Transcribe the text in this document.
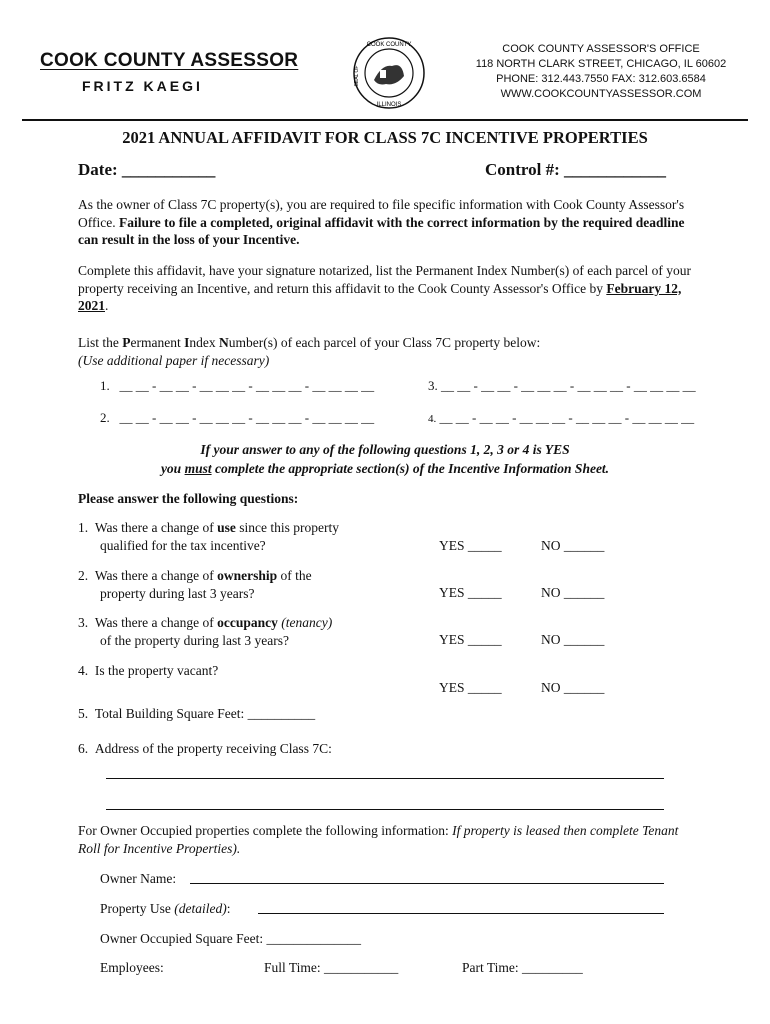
COOK COUNTY ASSESSOR
FRITZ KAEGI
COOK COUNTY
SEAL OF
ILLINOIS
COOK COUNTY ASSESSOR'S OFFICE
118 NORTH CLARK STREET, CHICAGO, IL 60602
PHONE: 312.443.7550 FAX: 312.603.6584
WWW.COOKCOUNTYASSESSOR.COM
2021 ANNUAL AFFIDAVIT FOR CLASS 7C INCENTIVE PROPERTIES
Date: ___________	Control #: ____________
As the owner of Class 7C property(s), you are required to file specific information with Cook County Assessor's Office. Failure to file a completed, original affidavit with the correct information by the required deadline can result in the loss of your Incentive.
Complete this affidavit, have your signature notarized, list the Permanent Index Number(s) of each parcel of your property receiving an Incentive, and return this affidavit to the Cook County Assessor's Office by February 12, 2021.
List the Permanent Index Number(s) of each parcel of your Class 7C property below:
(Use additional paper if necessary)
1. __ __ - __ __ - __ __ __ - __ __ __ - __ __ __ __	3. __ __ - __ __ - __ __ __ - __ __ __ - __ __ __ __
2. __ __ - __ __ - __ __ __ - __ __ __ - __ __ __ __	4. __ __ - __ __ - __ __ __ - __ __ __ - __ __ __ __
If your answer to any of the following questions 1, 2, 3 or 4 is YES
you must complete the appropriate section(s) of the Incentive Information Sheet.
Please answer the following questions:
1. Was there a change of use since this property
qualified for the tax incentive?	YES _____	NO ______
2. Was there a change of ownership of the
property during last 3 years?	YES _____	NO ______
3. Was there a change of occupancy (tenancy)
of the property during last 3 years?	YES _____	NO ______
4. Is the property vacant?
YES _____	NO ______
5. Total Building Square Feet: __________
6. Address of the property receiving Class 7C:
For Owner Occupied properties complete the following information: If property is leased then complete Tenant Roll for Incentive Properties).
Owner Name:
Property Use (detailed):
Owner Occupied Square Feet: ______________
Employees:	Full Time: ___________	Part Time: _________
